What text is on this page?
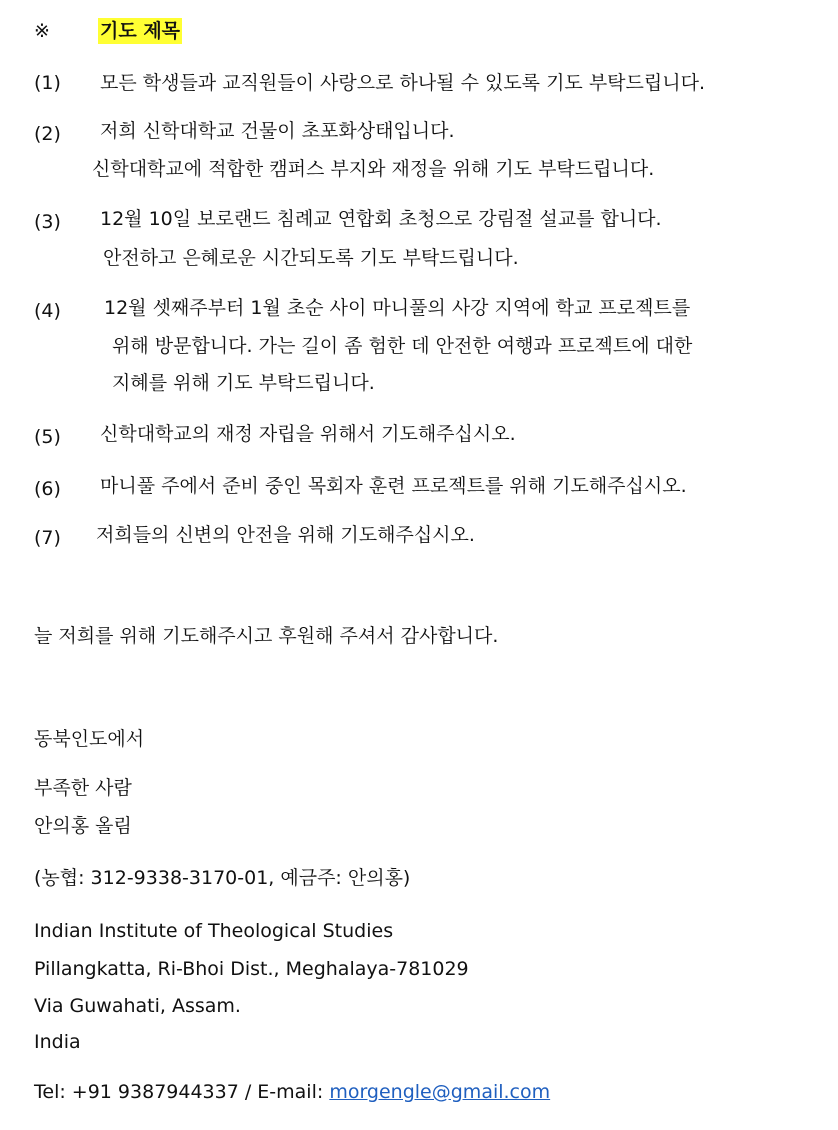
※	기도 제목
(1) 모든 학생들과 교직원들이 사랑으로 하나될 수 있도록 기도 부탁드립니다.
(2) 저희 신학대학교 건물이 초포화상태입니다.
신학대학교에 적합한 캠퍼스 부지와 재정을 위해 기도 부탁드립니다.
(3) 12월 10일 보로랜드 침례교 연합회 초청으로 강림절 설교를 합니다.
안전하고 은혜로운 시간되도록 기도 부탁드립니다.
(4) 12월 셋째주부터 1월 초순 사이 마니풀의 사강 지역에 학교 프로젝트를
위해 방문합니다. 가는 길이 좀 험한 데 안전한 여행과 프로젝트에 대한
지혜를 위해 기도 부탁드립니다.
(5) 신학대학교의 재정 자립을 위해서 기도해주십시오.
(6) 마니풀 주에서 준비 중인 목회자 훈련 프로젝트를 위해 기도해주십시오.
(7) 저희들의 신변의 안전을 위해 기도해주십시오.
늘 저희를 위해 기도해주시고 후원해 주셔서 감사합니다.
동북인도에서
부족한 사람
안의홍 올림
(농협: 312-9338-3170-01, 예금주: 안의홍)
Indian Institute of Theological Studies
Pillangkatta, Ri-Bhoi Dist., Meghalaya-781029
Via Guwahati, Assam.
India
Tel: +91 9387944337 / E-mail: morgengle@gmail.com
